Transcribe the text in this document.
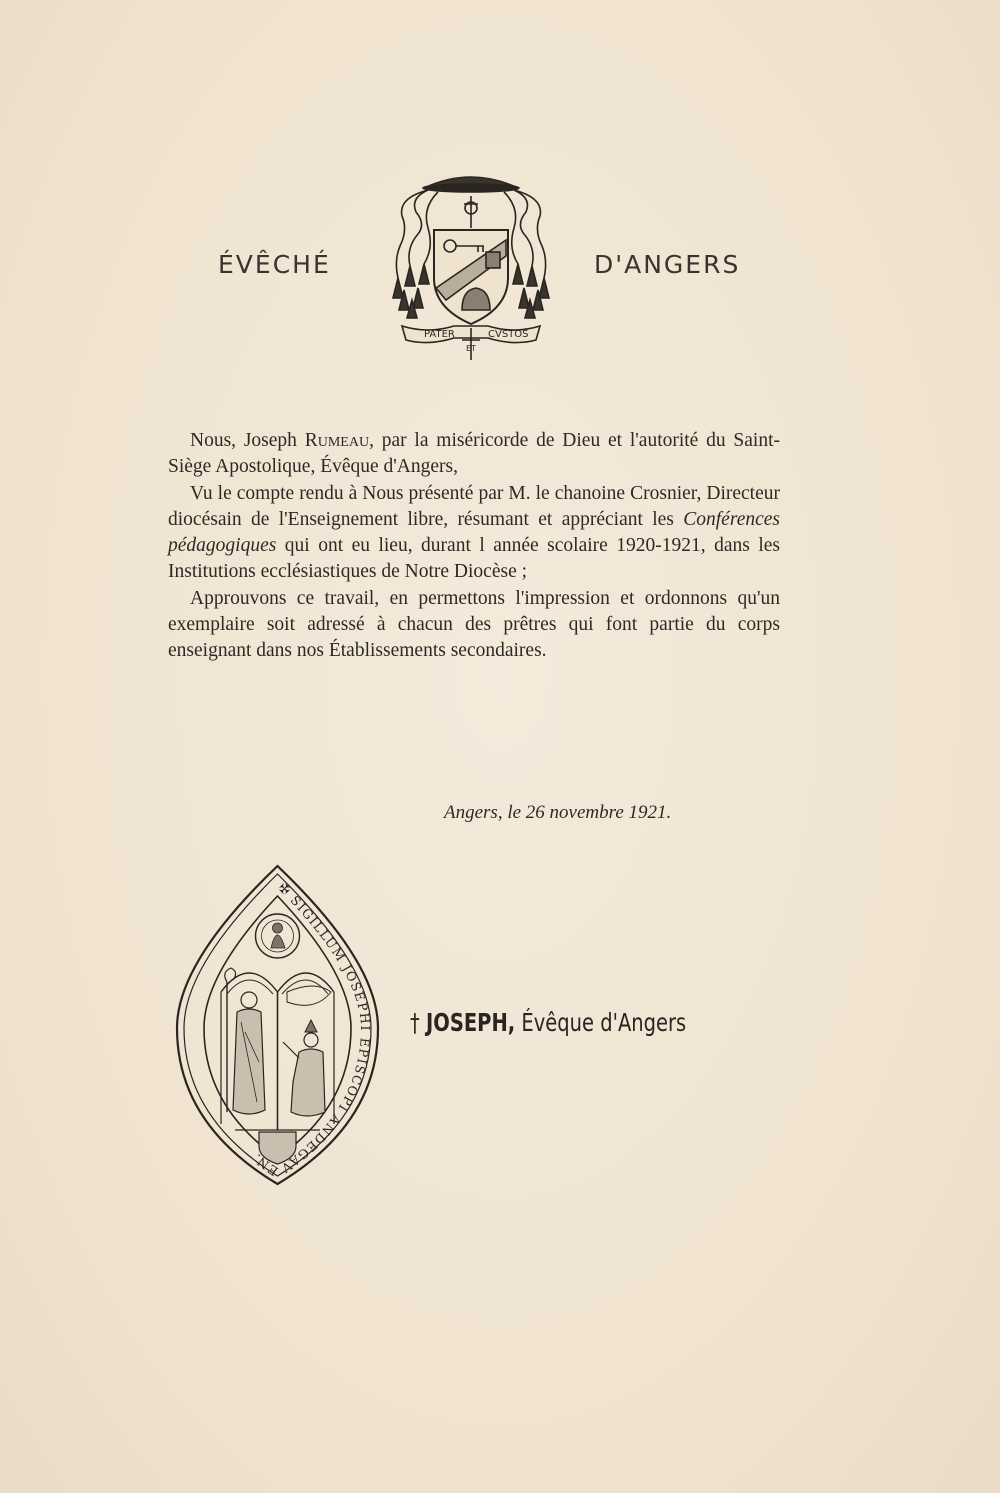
ÉVÊCHÉ	D'ANGERS
PATER
ET
CVSTOS

Nous, Joseph Rumeau, par la miséricorde de Dieu et l'autorité du Saint-Siège Apostolique, Évêque d'Angers,

Vu le compte rendu à Nous présenté par M. le chanoine Crosnier, Directeur diocésain de l'Enseignement libre, résumant et appréciant les Conférences pédagogiques qui ont eu lieu, durant l année scolaire 1920-1921, dans les Institutions ecclésiastiques de Notre Diocèse ;

Approuvons ce travail, en permettons l'impression et ordonnons qu'un exemplaire soit adressé à chacun des prêtres qui font partie du corps enseignant dans nos Établissements secondaires.

Angers, le 26 novembre 1921.
✠ SIGILLUM JOSEPHI EPISCOPI ANDEGAVEN.
† JOSEPH, Évêque d'Angers
